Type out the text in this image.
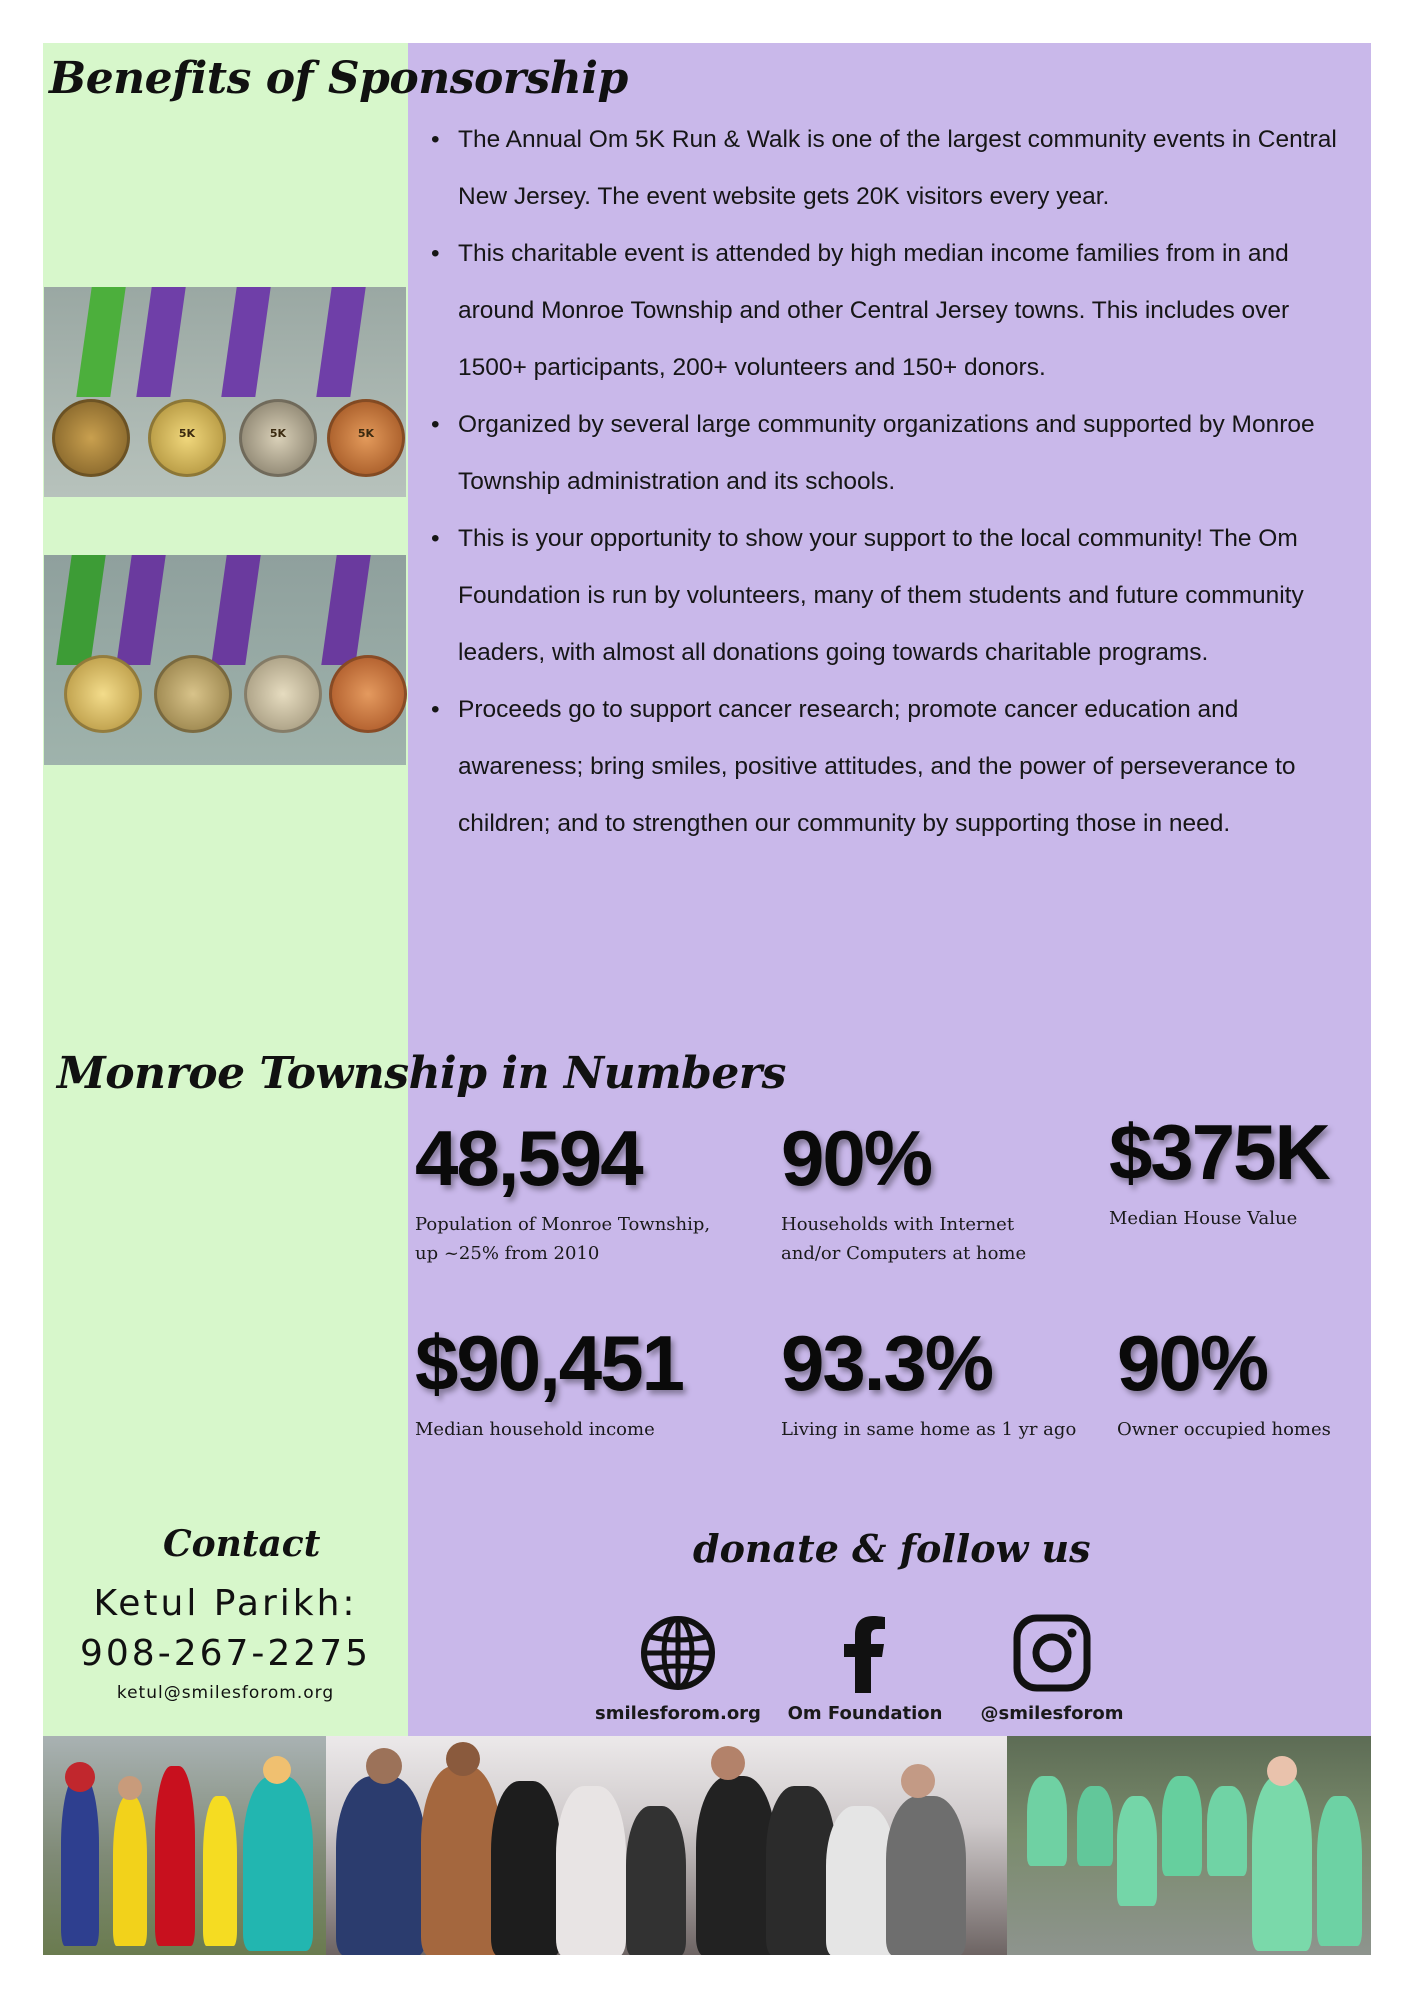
Benefits of Sponsorship
5K	5K	5K
• The Annual Om 5K Run & Walk is one of the largest community events in Central New Jersey. The event website gets 20K visitors every year.
• This charitable event is attended by high median income families from in and around Monroe Township and other Central Jersey towns. This includes over 1500+ participants, 200+ volunteers and 150+ donors.
• Organized by several large community organizations and supported by Monroe Township administration and its schools.
• This is your opportunity to show your support to the local community! The Om Foundation is run by volunteers, many of them students and future community leaders, with almost all donations going towards charitable programs.
• Proceeds go to support cancer research; promote cancer education and awareness; bring smiles, positive attitudes, and the power of perseverance to children; and to strengthen our community by supporting those in need.
Monroe Township in Numbers
48,594
Population of Monroe Township, up ~25% from 2010
90%
Households with Internet and/or Computers at home
$375K
Median House Value
$90,451
Median household income
93.3%
Living in same home as 1 yr ago
90%
Owner occupied homes
Contact
Ketul Parikh:
908-267-2275
ketul@smilesforom.org
donate & follow us
smilesforom.org	Om Foundation	@smilesforom
